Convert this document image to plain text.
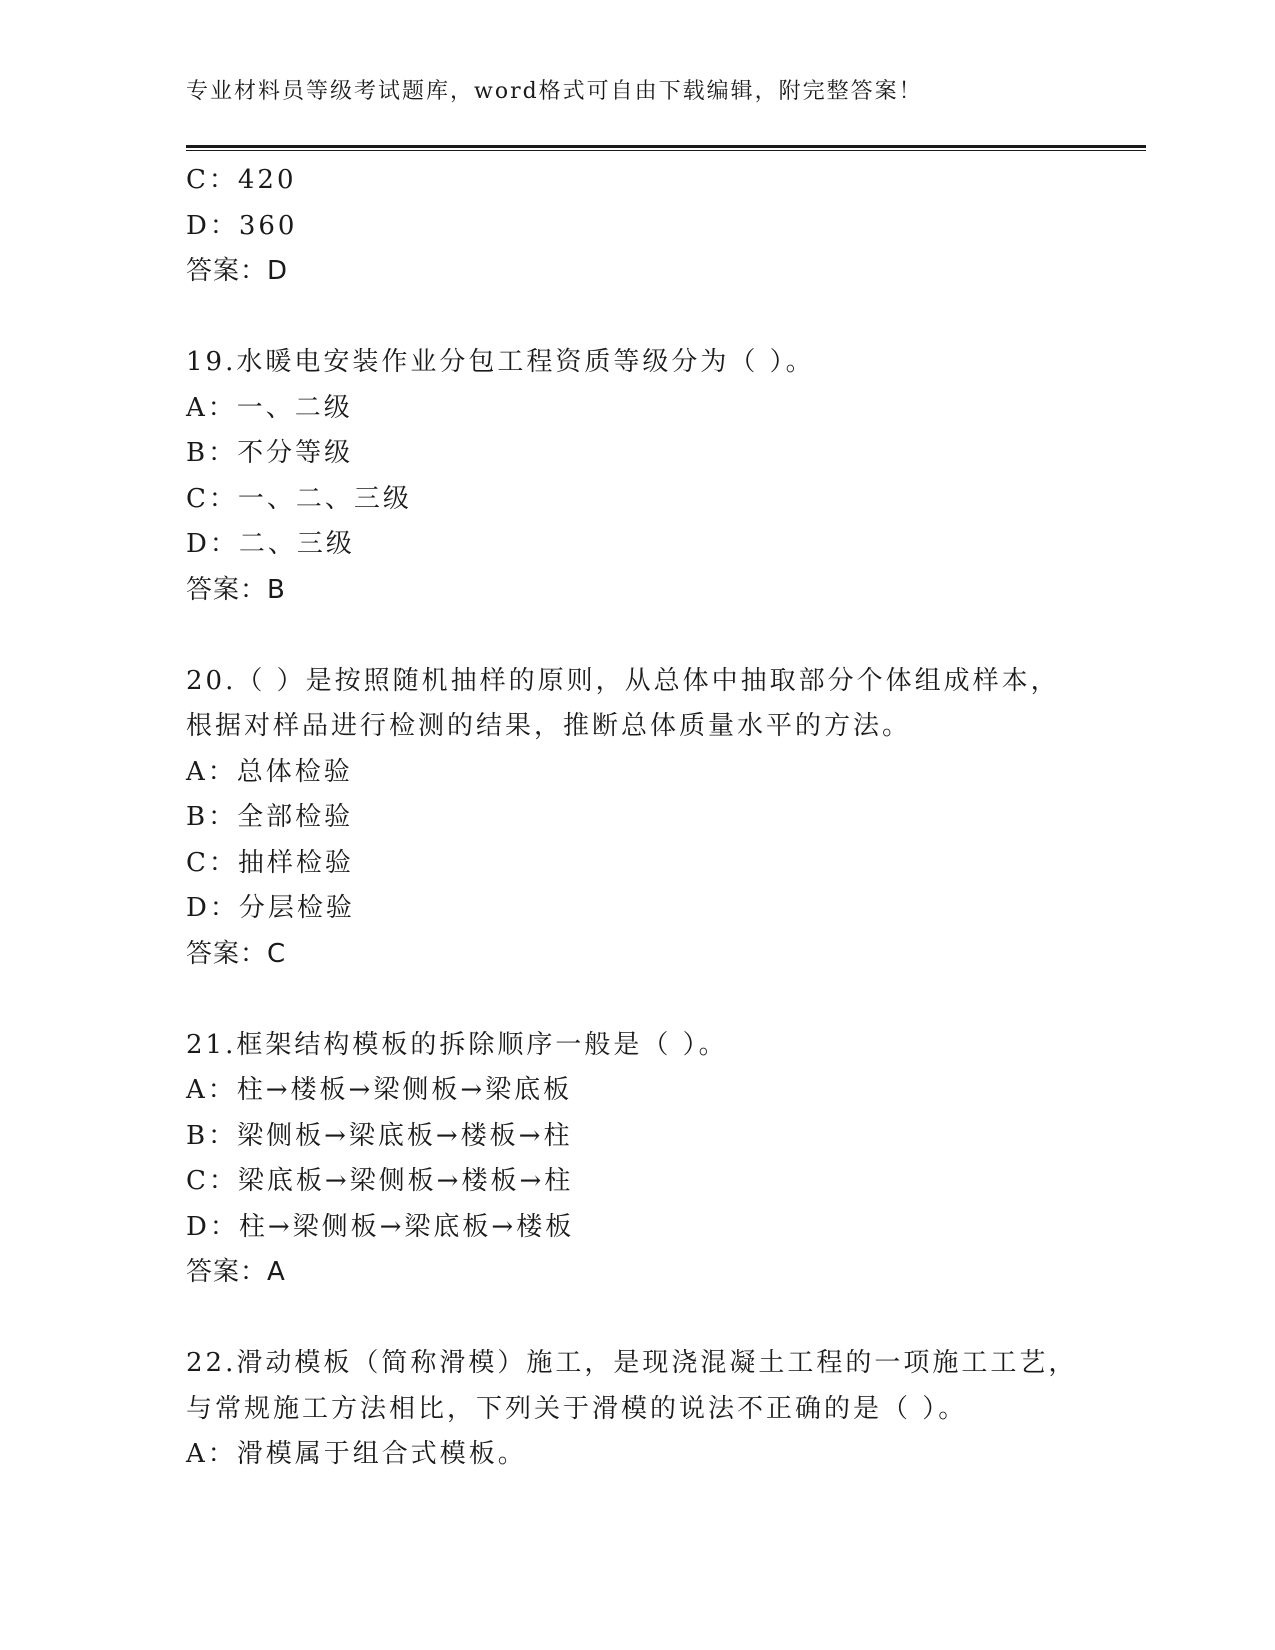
专业材料员等级考试题库，word格式可自由下载编辑，附完整答案！
C：420
D：360
答案：D
19.水暖电安装作业分包工程资质等级分为（ ）。
A：一、二级
B：不分等级
C：一、二、三级
D：二、三级
答案：B
20.（ ）是按照随机抽样的原则，从总体中抽取部分个体组成样本，
根据对样品进行检测的结果，推断总体质量水平的方法。
A：总体检验
B：全部检验
C：抽样检验
D：分层检验
答案：C
21.框架结构模板的拆除顺序一般是（ ）。
A：柱→楼板→梁侧板→梁底板
B：梁侧板→梁底板→楼板→柱
C：梁底板→梁侧板→楼板→柱
D：柱→梁侧板→梁底板→楼板
答案：A
22.滑动模板（简称滑模）施工，是现浇混凝土工程的一项施工工艺，
与常规施工方法相比，下列关于滑模的说法不正确的是（ ）。
A：滑模属于组合式模板。
